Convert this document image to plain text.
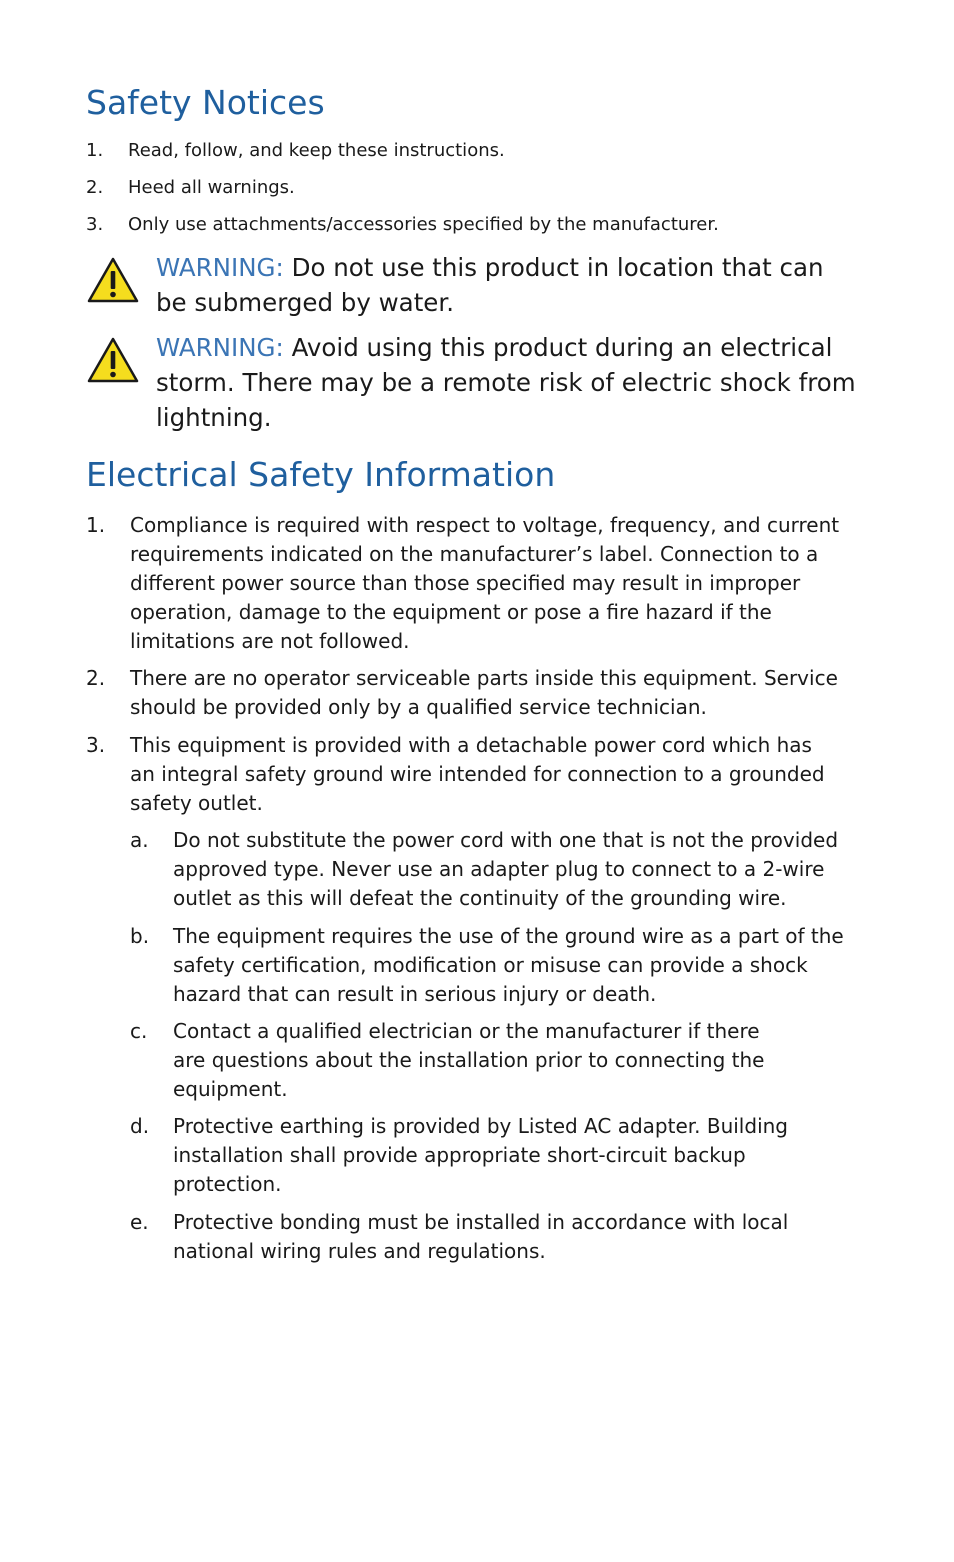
Safety Notices
1. Read, follow, and keep these instructions.
2. Heed all warnings.
3. Only use attachments/accessories specified by the manufacturer.
WARNING: Do not use this product in location that can
be submerged by water.
WARNING: Avoid using this product during an electrical
storm. There may be a remote risk of electric shock from
lightning.
Electrical Safety Information
1. Compliance is required with respect to voltage, frequency, and current
requirements indicated on the manufacturer’s label. Connection to a
different power source than those specified may result in improper
operation, damage to the equipment or pose a fire hazard if the
limitations are not followed.
2. There are no operator serviceable parts inside this equipment. Service
should be provided only by a qualified service technician.
3. This equipment is provided with a detachable power cord which has
an integral safety ground wire intended for connection to a grounded
safety outlet.
a. Do not substitute the power cord with one that is not the provided
approved type. Never use an adapter plug to connect to a 2-wire
outlet as this will defeat the continuity of the grounding wire.
b. The equipment requires the use of the ground wire as a part of the
safety certification, modification or misuse can provide a shock
hazard that can result in serious injury or death.
c. Contact a qualified electrician or the manufacturer if there
are questions about the installation prior to connecting the
equipment.
d. Protective earthing is provided by Listed AC adapter. Building
installation shall provide appropriate short-circuit backup
protection.
e. Protective bonding must be installed in accordance with local
national wiring rules and regulations.
